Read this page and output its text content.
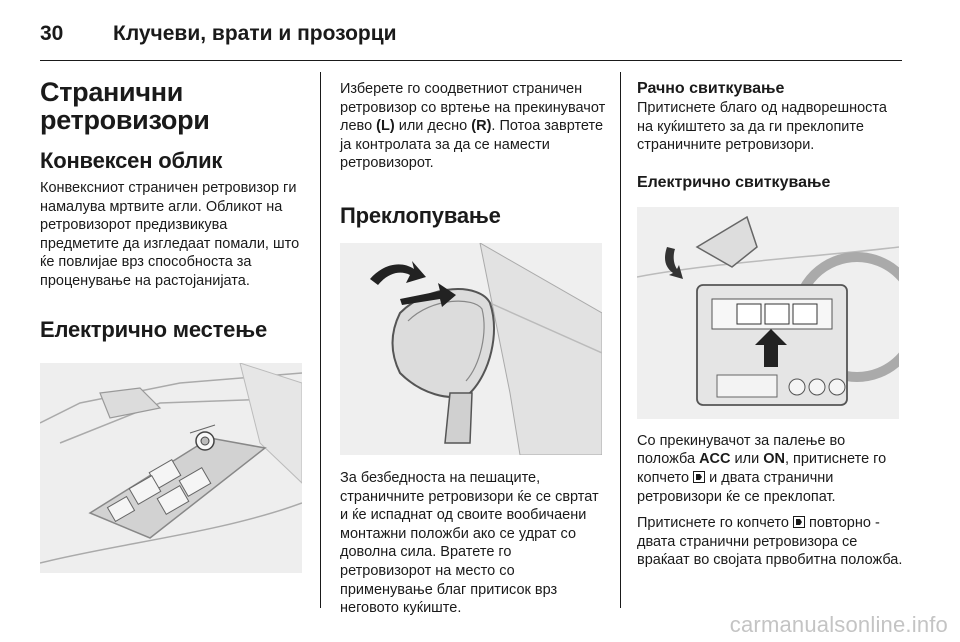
30	Клучеви, врати и прозорци
Странични
ретровизори
Конвексен облик

Конвексниот страничен ретровизор ги намалува мртвите агли. Обликот на ретровизорот предизвикува предметите да изгледаат помали, што ќе повлијае врз способноста за проценувањe на растојанијата.

Електрично местење

Изберете го соодветниот страничен ретровизор со вртење на прекинувачот лево (L) или десно (R). Потоа завртете ја контролата за да се намести ретровизорот.

Преклопување

За безбедноста на пешаците, страничните ретровизори ќе се свртат и ќе испаднат од своите вообичаени монтажни положби ако се удрат со доволна сила. Вратете го ретровизорот на место со применување благ притисок врз неговото куќиште.

Рачно свиткување

Притиснете благо од надворешноста на куќиштето за да ги преклопите страничните ретровизори.

Електрично свиткување

Со прекинувачот за палење во положба ACC или ON, притиснете го копчето  и двата странични ретровизори ќе се преклопат.

Притиснете го копчето  повторно - двата странични ретровизора се враќаат во својата првобитна положба.

carmanualsonline.info
